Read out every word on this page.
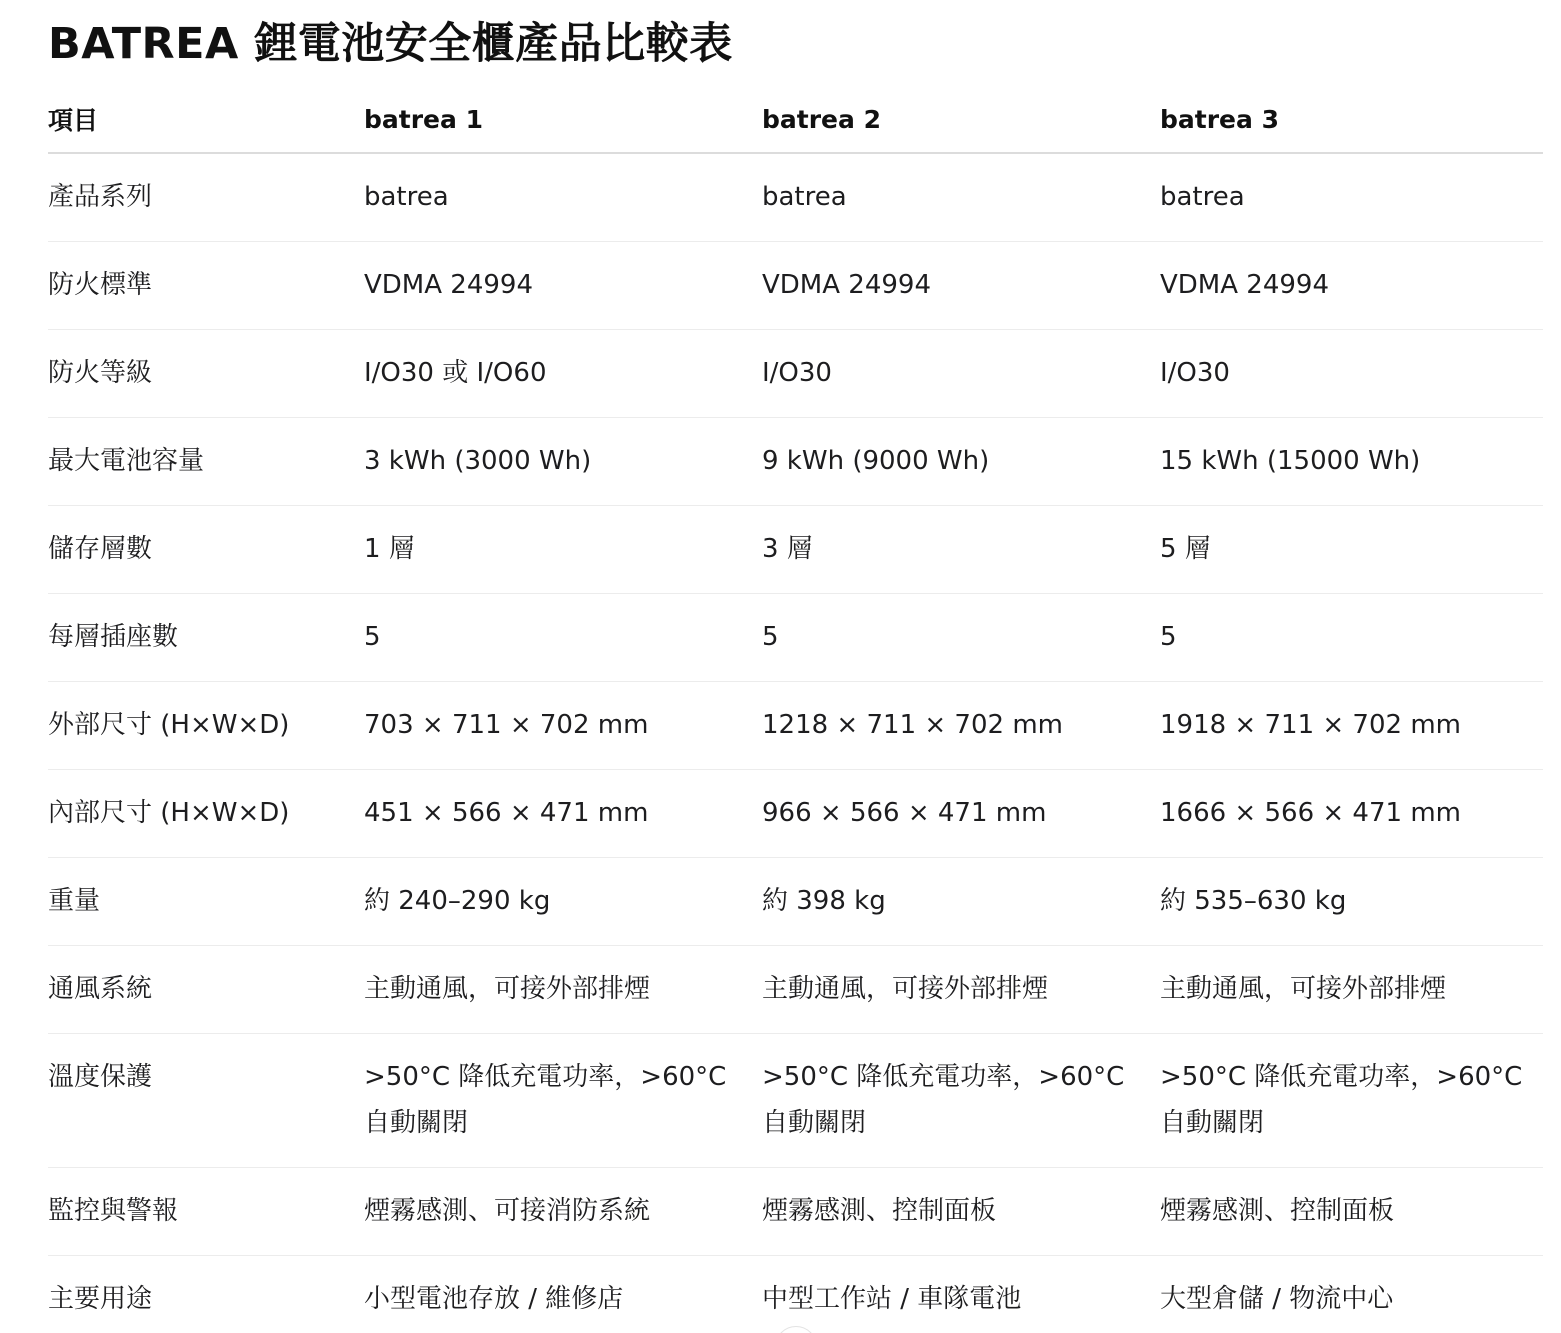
BATREA 鋰電池安全櫃產品比較表
項目	batrea 1	batrea 2	batrea 3
產品系列	batrea	batrea	batrea
防火標準	VDMA 24994	VDMA 24994	VDMA 24994
防火等級	I/O30 或 I/O60	I/O30	I/O30
最大電池容量	3 kWh (3000 Wh)	9 kWh (9000 Wh)	15 kWh (15000 Wh)
儲存層數	1 層	3 層	5 層
每層插座數	5	5	5
外部尺寸 (H×W×D)	703 × 711 × 702 mm	1218 × 711 × 702 mm	1918 × 711 × 702 mm
內部尺寸 (H×W×D)	451 × 566 × 471 mm	966 × 566 × 471 mm	1666 × 566 × 471 mm
重量	約 240–290 kg	約 398 kg	約 535–630 kg
通風系統	主動通風，可接外部排煙	主動通風，可接外部排煙	主動通風，可接外部排煙
溫度保護	>50°C 降低充電功率，>60°C 自動關閉	>50°C 降低充電功率，>60°C 自動關閉	>50°C 降低充電功率，>60°C 自動關閉
監控與警報	煙霧感測、可接消防系統	煙霧感測、控制面板	煙霧感測、控制面板
主要用途	小型電池存放 / 維修店	中型工作站 / 車隊電池	大型倉儲 / 物流中心
